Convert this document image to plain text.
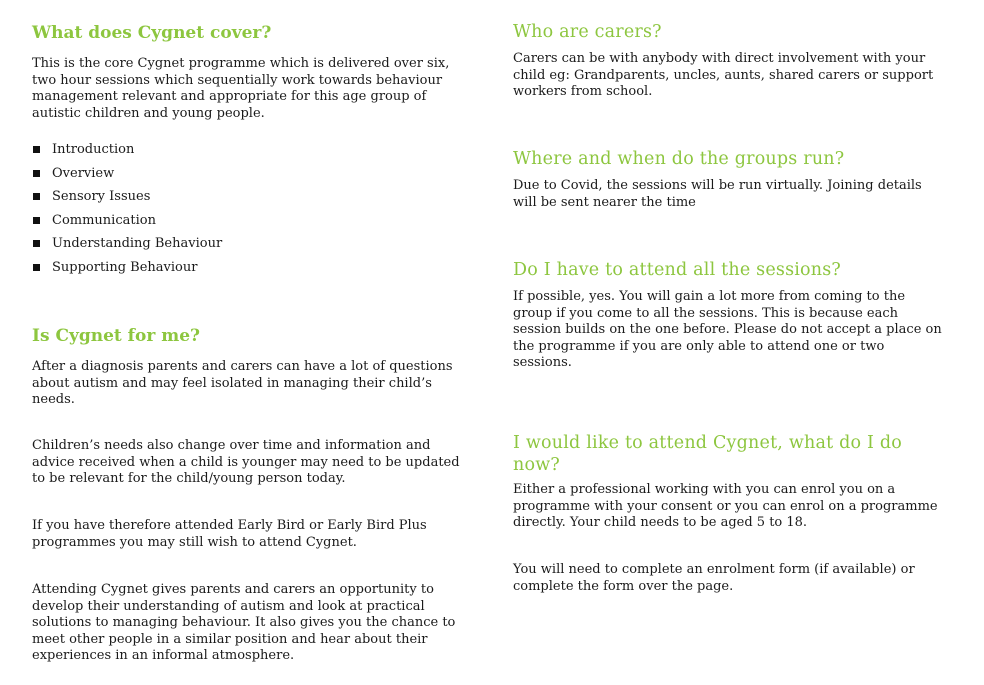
What does Cygnet cover?
This is the core Cygnet programme which is delivered over six,
two hour sessions which sequentially work towards behaviour
management relevant and appropriate for this age group of
autistic children and young people.
Introduction
Overview
Sensory Issues
Communication
Understanding Behaviour
Supporting Behaviour
Is Cygnet for me?
After a diagnosis parents and carers can have a lot of questions
about autism and may feel isolated in managing their child’s
needs.
Children’s needs also change over time and information and
advice received when a child is younger may need to be updated
to be relevant for the child/young person today.
If you have therefore attended Early Bird or Early Bird Plus
programmes you may still wish to attend Cygnet.
Attending Cygnet gives parents and carers an opportunity to
develop their understanding of autism and look at practical
solutions to managing behaviour. It also gives you the chance to
meet other people in a similar position and hear about their
experiences in an informal atmosphere.
Who are carers?
Carers can be with anybody with direct involvement with your
child eg: Grandparents, uncles, aunts, shared carers or support
workers from school.
Where and when do the groups run?
Due to Covid, the sessions will be run virtually. Joining details
will be sent nearer the time
Do I have to attend all the sessions?
If possible, yes. You will gain a lot more from coming to the
group if you come to all the sessions. This is because each
session builds on the one before. Please do not accept a place on
the programme if you are only able to attend one or two
sessions.
I would like to attend Cygnet, what do I do
now?
Either a professional working with you can enrol you on a
programme with your consent or you can enrol on a programme
directly. Your child needs to be aged 5 to 18.
You will need to complete an enrolment form (if available) or
complete the form over the page.
